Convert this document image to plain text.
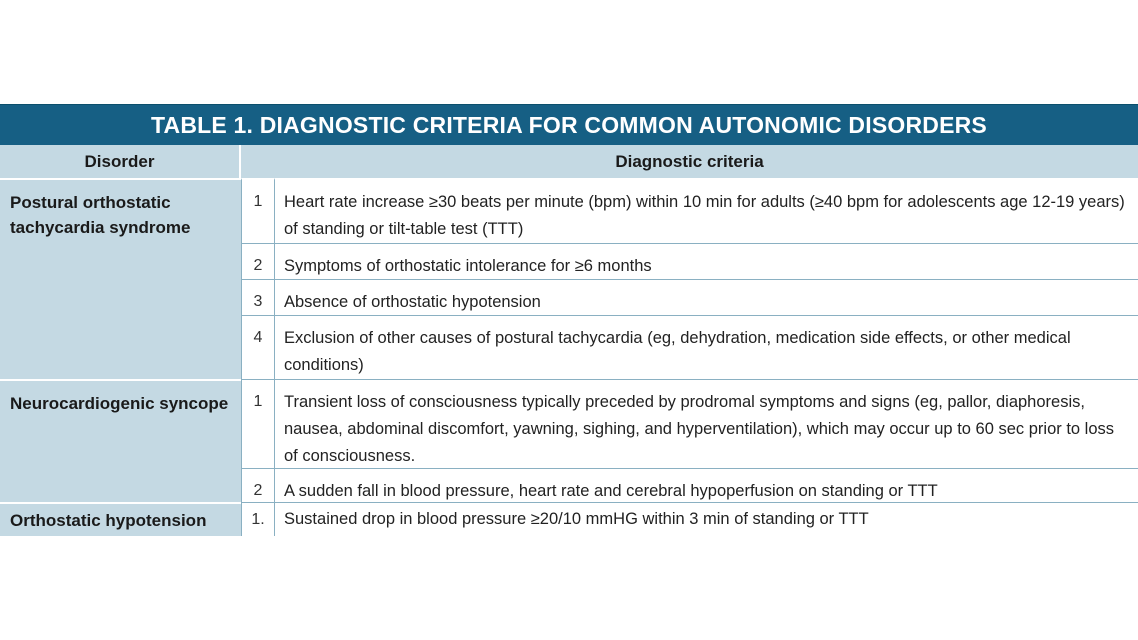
TABLE 1. DIAGNOSTIC CRITERIA FOR COMMON AUTONOMIC DISORDERS
Disorder	Diagnostic criteria
Postural orthostatic tachycardia syndrome
1	Heart rate increase ≥30 beats per minute (bpm) within 10 min for adults (≥40 bpm for adolescents age 12-19 years) of standing or tilt-table test (TTT)
2	Symptoms of orthostatic intolerance for ≥6 months
3	Absence of orthostatic hypotension
4	Exclusion of other causes of postural tachycardia (eg, dehydration, medication side effects, or other medical conditions)
Neurocardiogenic syncope	1	Transient loss of consciousness typically preceded by prodromal symptoms and signs (eg, pallor, diaphoresis, nausea, abdominal discomfort, yawning, sighing, and hyperventilation), which may occur up to 60 sec prior to loss of consciousness.
2	A sudden fall in blood pressure, heart rate and cerebral hypoperfusion on standing or TTT
Orthostatic hypotension	1.	Sustained drop in blood pressure ≥20/10 mmHG within 3 min of standing or TTT
